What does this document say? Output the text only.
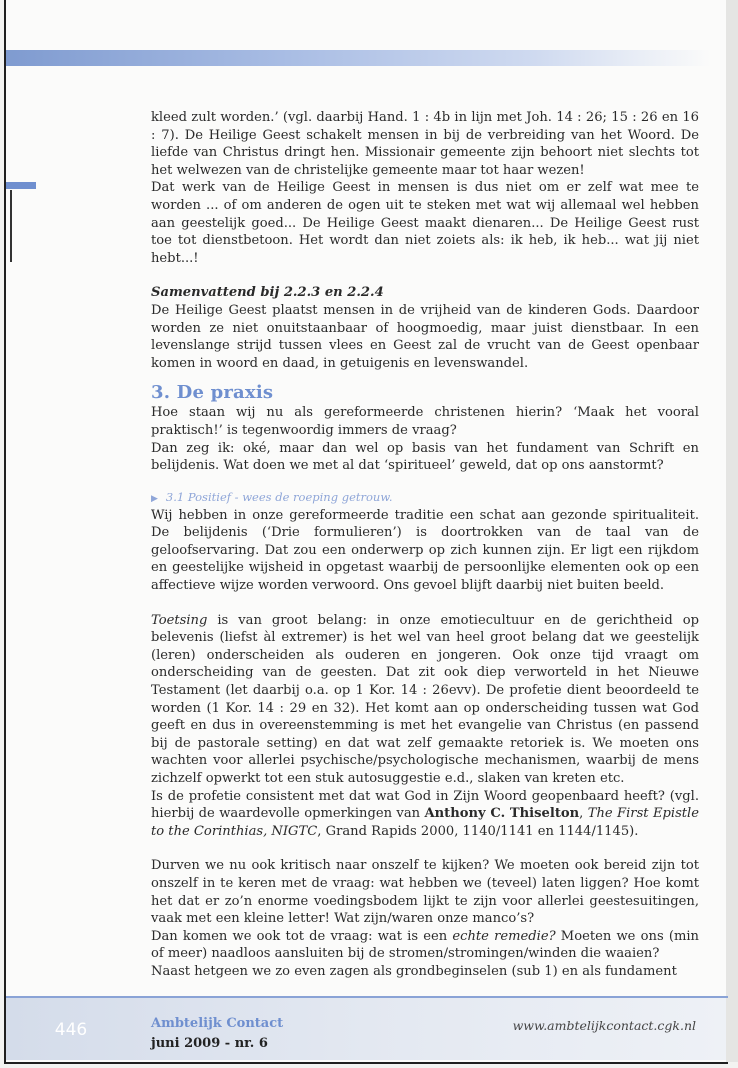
kleed zult worden.’ (vgl. daarbij Hand. 1 : 4b in lijn met Joh. 14 : 26; 15 : 26 en 16 : 7). De Heilige Geest schakelt mensen in bij de verbreiding van het Woord. De liefde van Christus dringt hen. Missionair gemeente zijn behoort niet slechts tot het welwezen van de christelijke gemeente maar tot haar wezen!

Dat werk van de Heilige Geest in mensen is dus niet om er zelf wat mee te worden ... of om anderen de ogen uit te steken met wat wij allemaal wel hebben aan geestelijk goed... De Heilige Geest maakt dienaren... De Heilige Geest rust toe tot dienstbetoon. Het wordt dan niet zoiets als: ik heb, ik heb... wat jij niet hebt...!

Samenvattend bij 2.2.3 en 2.2.4

De Heilige Geest plaatst mensen in de vrijheid van de kinderen Gods. Daardoor worden ze niet onuitstaanbaar of hoogmoedig, maar juist dienstbaar. In een levenslange strijd tussen vlees en Geest zal de vrucht van de Geest openbaar komen in woord en daad, in getuigenis en levenswandel.

3. De praxis

Hoe staan wij nu als gereformeerde christenen hierin? ‘Maak het vooral praktisch!’ is tegenwoordig immers de vraag?

Dan zeg ik: oké, maar dan wel op basis van het fundament van Schrift en belijdenis. Wat doen we met al dat ‘spiritueel’ geweld, dat op ons aanstormt?

▶ 3.1 Positief - wees de roeping getrouw.

Wij hebben in onze gereformeerde traditie een schat aan gezonde spiritualiteit. De belijdenis (‘Drie formulieren’) is doortrokken van de taal van de geloofservaring. Dat zou een onderwerp op zich kunnen zijn. Er ligt een rijkdom en geestelijke wijsheid in opgetast waarbij de persoonlijke elementen ook op een affectieve wijze worden verwoord. Ons gevoel blijft daarbij niet buiten beeld.

Toetsing is van groot belang: in onze emotiecultuur en de gerichtheid op belevenis (liefst àl extremer) is het wel van heel groot belang dat we geestelijk (leren) onderscheiden als ouderen en jongeren. Ook onze tijd vraagt om onderscheiding van de geesten. Dat zit ook diep verworteld in het Nieuwe Testament (let daarbij o.a. op 1 Kor. 14 : 26evv). De profetie dient beoordeeld te worden (1 Kor. 14 : 29 en 32). Het komt aan op onderscheiding tussen wat God geeft en dus in overeenstemming is met het evangelie van Christus (en passend bij de pastorale setting) en dat wat zelf gemaakte retoriek is. We moeten ons wachten voor allerlei psychische/psychologische mechanismen, waarbij de mens zichzelf opwerkt tot een stuk autosuggestie e.d., slaken van kreten etc.

Is de profetie consistent met dat wat God in Zijn Woord geopenbaard heeft? (vgl. hierbij de waardevolle opmerkingen van Anthony C. Thiselton, The First Epistle to the Corinthias, NIGTC, Grand Rapids 2000, 1140/1141 en 1144/1145).

Durven we nu ook kritisch naar onszelf te kijken? We moeten ook bereid zijn tot onszelf in te keren met de vraag: wat hebben we (teveel) laten liggen? Hoe komt het dat er zo’n enorme voedingsbodem lijkt te zijn voor allerlei geestesuitingen, vaak met een kleine letter! Wat zijn/waren onze manco’s?

Dan komen we ook tot de vraag: wat is een echte remedie? Moeten we ons (min of meer) naadloos aansluiten bij de stromen/stromingen/winden die waaien?

Naast hetgeen we zo even zagen als grondbeginselen (sub 1) en als fundament

446	Ambtelijk Contact
juni 2009 - nr. 6
www.ambtelijkcontact.cgk.nl
